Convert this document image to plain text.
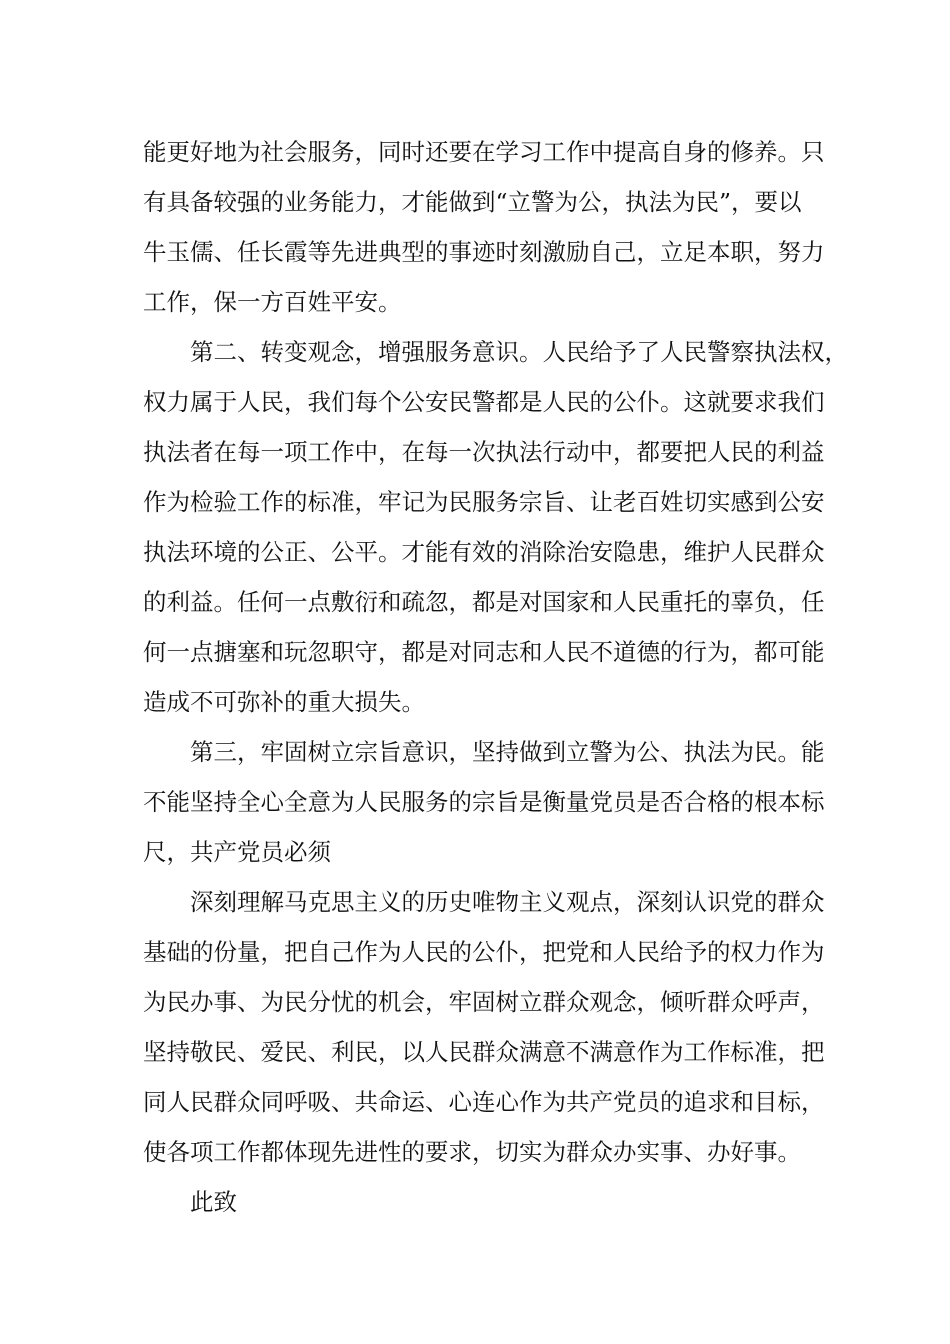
能更好地为社会服务，同时还要在学习工作中提高自身的修养。只
有具备较强的业务能力，才能做到“立警为公，执法为民”，要以
牛玉儒、任长霞等先进典型的事迹时刻激励自己，立足本职，努力
工作，保一方百姓平安。
第二、转变观念，增强服务意识。人民给予了人民警察执法权，
权力属于人民，我们每个公安民警都是人民的公仆。这就要求我们
执法者在每一项工作中，在每一次执法行动中，都要把人民的利益
作为检验工作的标准，牢记为民服务宗旨、让老百姓切实感到公安
执法环境的公正、公平。才能有效的消除治安隐患，维护人民群众
的利益。任何一点敷衍和疏忽，都是对国家和人民重托的辜负，任
何一点搪塞和玩忽职守，都是对同志和人民不道德的行为，都可能
造成不可弥补的重大损失。
第三，牢固树立宗旨意识，坚持做到立警为公、执法为民。能
不能坚持全心全意为人民服务的宗旨是衡量党员是否合格的根本标
尺，共产党员必须
深刻理解马克思主义的历史唯物主义观点，深刻认识党的群众
基础的份量，把自己作为人民的公仆，把党和人民给予的权力作为
为民办事、为民分忧的机会，牢固树立群众观念，倾听群众呼声，
坚持敬民、爱民、利民，以人民群众满意不满意作为工作标准，把
同人民群众同呼吸、共命运、心连心作为共产党员的追求和目标，
使各项工作都体现先进性的要求，切实为群众办实事、办好事。
此致
